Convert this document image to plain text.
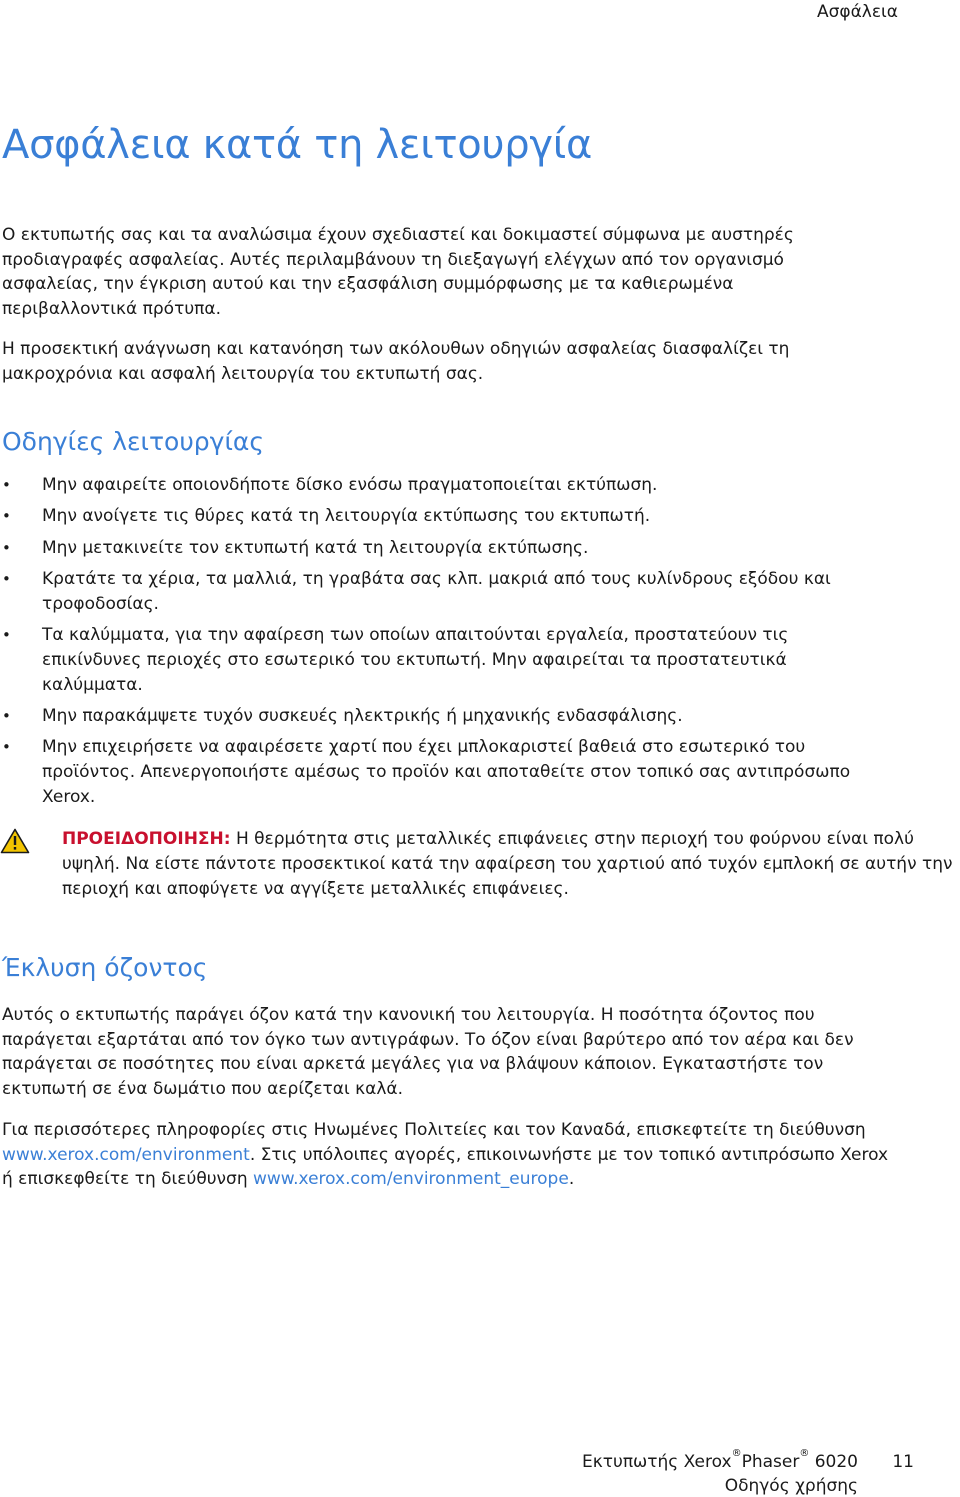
Ασφάλεια
Ασφάλεια κατά τη λειτουργία

Ο εκτυπωτής σας και τα αναλώσιμα έχουν σχεδιαστεί και δοκιμαστεί σύμφωνα με αυστηρές προδιαγραφές ασφαλείας. Αυτές περιλαμβάνουν τη διεξαγωγή ελέγχων από τον οργανισμό ασφαλείας, την έγκριση αυτού και την εξασφάλιση συμμόρφωσης με τα καθιερωμένα περιβαλλοντικά πρότυπα.

Η προσεκτική ανάγνωση και κατανόηση των ακόλουθων οδηγιών ασφαλείας διασφαλίζει τη μακροχρόνια και ασφαλή λειτουργία του εκτυπωτή σας.

Οδηγίες λειτουργίας
• Μην αφαιρείτε οποιονδήποτε δίσκο ενόσω πραγματοποιείται εκτύπωση.
• Μην ανοίγετε τις θύρες κατά τη λειτουργία εκτύπωσης του εκτυπωτή.
• Μην μετακινείτε τον εκτυπωτή κατά τη λειτουργία εκτύπωσης.
• Κρατάτε τα χέρια, τα μαλλιά, τη γραβάτα σας κλπ. μακριά από τους κυλίνδρους εξόδου και τροφοδοσίας.
• Τα καλύμματα, για την αφαίρεση των οποίων απαιτούνται εργαλεία, προστατεύουν τις επικίνδυνες περιοχές στο εσωτερικό του εκτυπωτή. Μην αφαιρείται τα προστατευτικά καλύμματα.
• Μην παρακάμψετε τυχόν συσκευές ηλεκτρικής ή μηχανικής ενδασφάλισης.
• Μην επιχειρήσετε να αφαιρέσετε χαρτί που έχει μπλοκαριστεί βαθειά στο εσωτερικό του προϊόντος. Απενεργοποιήστε αμέσως το προϊόν και αποταθείτε στον τοπικό σας αντιπρόσωπο Xerox.

ΠΡΟΕΙΔΟΠΟΙΗΣΗ: Η θερμότητα στις μεταλλικές επιφάνειες στην περιοχή του φούρνου είναι πολύ υψηλή. Να είστε πάντοτε προσεκτικοί κατά την αφαίρεση του χαρτιού από τυχόν εμπλοκή σε αυτήν την περιοχή και αποφύγετε να αγγίξετε μεταλλικές επιφάνειες.

Έκλυση όζοντος

Αυτός ο εκτυπωτής παράγει όζον κατά την κανονική του λειτουργία. Η ποσότητα όζοντος που παράγεται εξαρτάται από τον όγκο των αντιγράφων. Το όζον είναι βαρύτερο από τον αέρα και δεν παράγεται σε ποσότητες που είναι αρκετά μεγάλες για να βλάψουν κάποιον. Εγκαταστήστε τον εκτυπωτή σε ένα δωμάτιο που αερίζεται καλά.

Για περισσότερες πληροφορίες στις Ηνωμένες Πολιτείες και τον Καναδά, επισκεφτείτε τη διεύθυνση www.xerox.com/environment. Στις υπόλοιπες αγορές, επικοινωνήστε με τον τοπικό αντιπρόσωπο Xerox ή επισκεφθείτε τη διεύθυνση www.xerox.com/environment_europe.

Εκτυπωτής Xerox®Phaser® 6020
Οδηγός χρήσης
11
